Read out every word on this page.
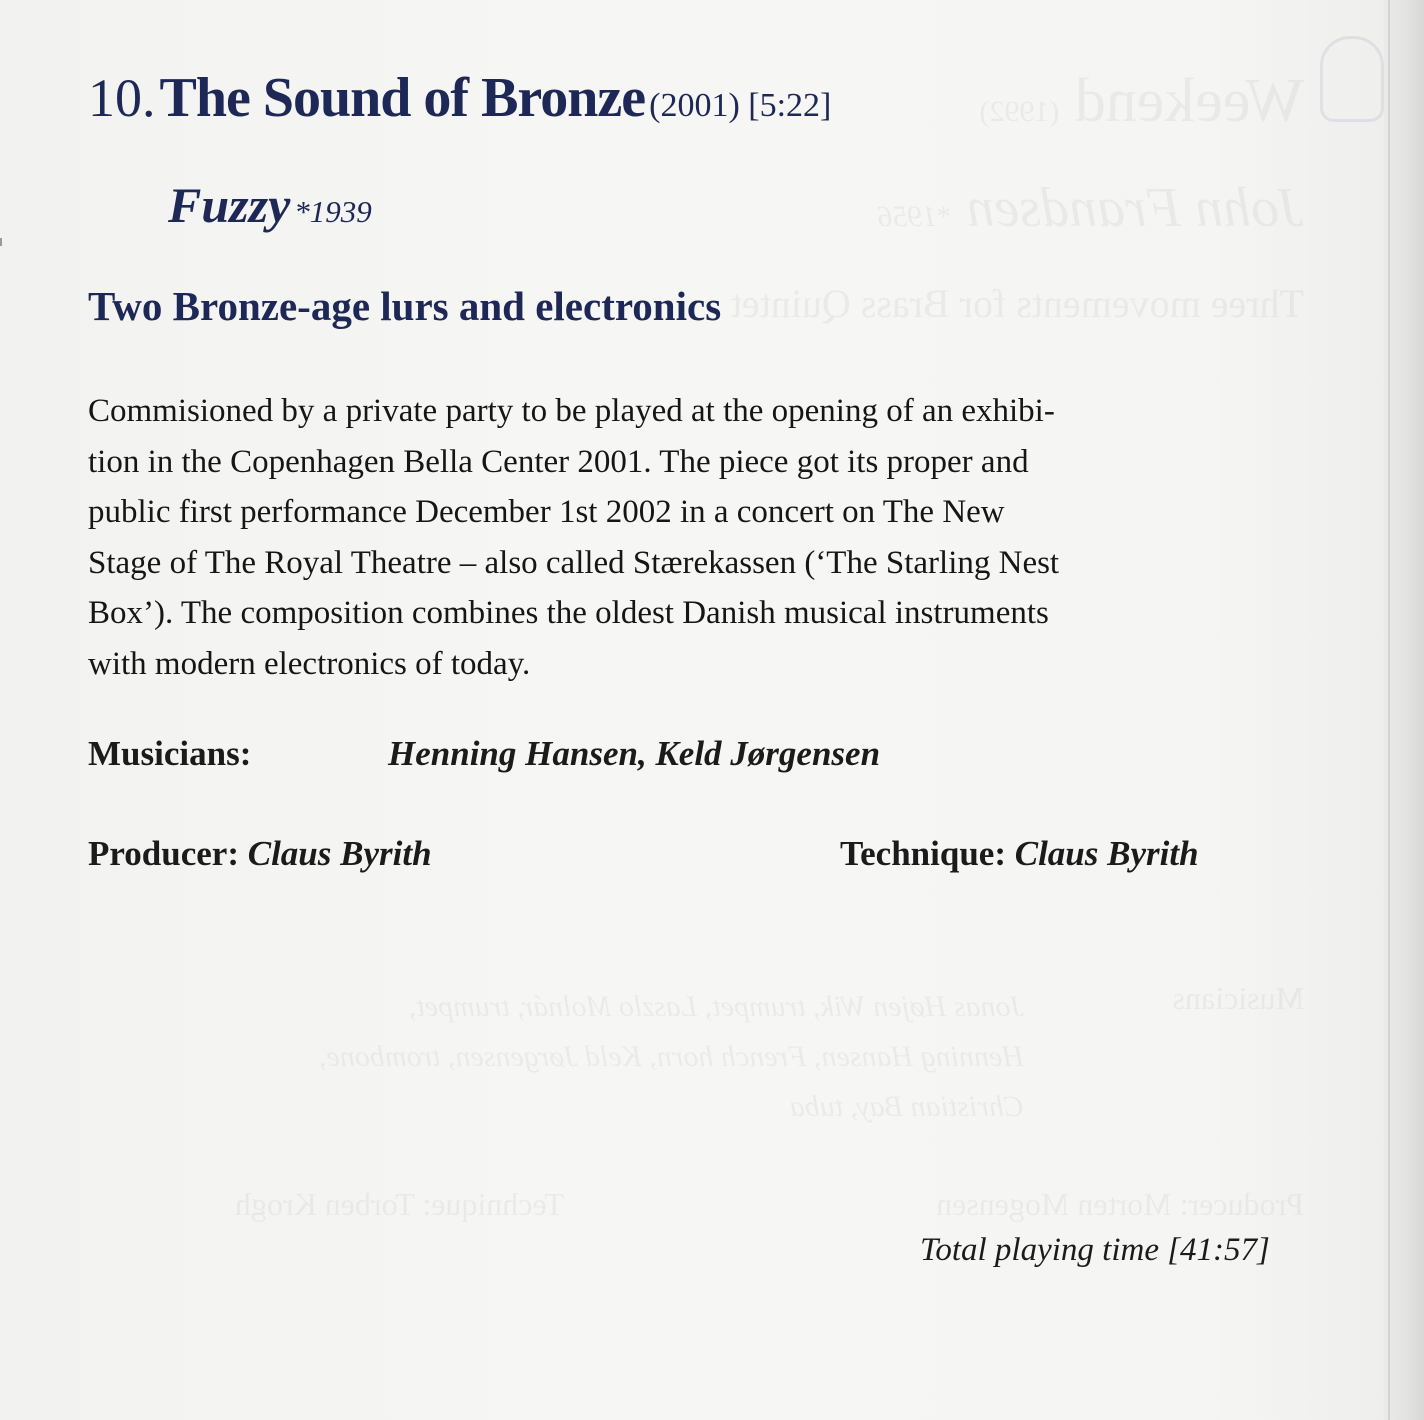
Weekend (1992)
John Frandsen *1956
Three movements for Brass Quintet
Musicians
Jonas Højen Wik, trumpet, Laszlo Molnár, trumpet,
Henning Hansen, French horn, Keld Jørgensen, trombone,
Christian Bay, tuba
Producer: Morten Mogensen
Technique: Torben Krogh
10. The Sound of Bronze (2001) [5:22]
Fuzzy *1939
Two Bronze-age lurs and electronics

Commisioned by a private party to be played at the opening of an exhibi-
tion in the Copenhagen Bella Center 2001. The piece got its proper and
public first performance December 1st 2002 in a concert on The New
Stage of The Royal Theatre – also called Stærekassen (‘The Starling Nest
Box’). The composition combines the oldest Danish musical instruments
with modern electronics of today.

Musicians:	Henning Hansen, Keld Jørgensen
Producer: Claus Byrith	Technique: Claus Byrith
Total playing time [41:57]
